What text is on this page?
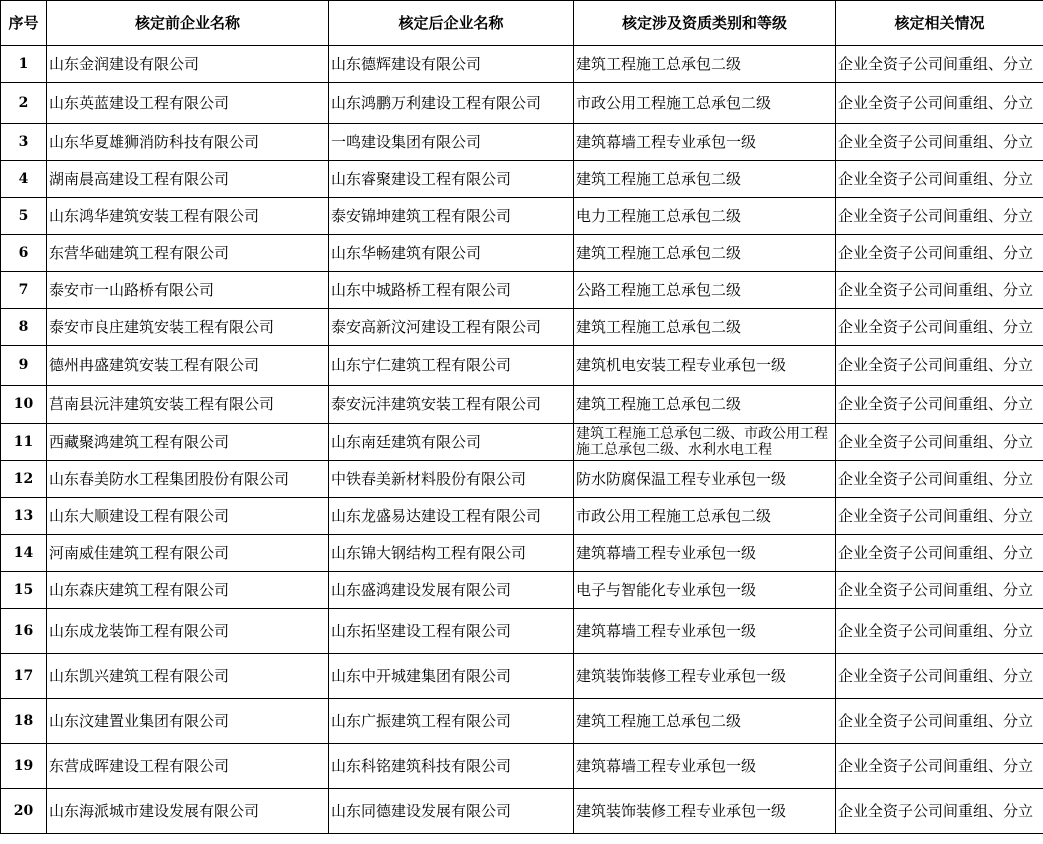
序号	核定前企业名称	核定后企业名称	核定涉及资质类别和等级	核定相关情况
1	山东金润建设有限公司	山东德辉建设有限公司	建筑工程施工总承包二级	企业全资子公司间重组、分立
2	山东英蓝建设工程有限公司	山东鸿鹏万利建设工程有限公司	市政公用工程施工总承包二级	企业全资子公司间重组、分立
3	山东华夏雄狮消防科技有限公司	一鸣建设集团有限公司	建筑幕墙工程专业承包一级	企业全资子公司间重组、分立
4	湖南晨高建设工程有限公司	山东睿聚建设工程有限公司	建筑工程施工总承包二级	企业全资子公司间重组、分立
5	山东鸿华建筑安装工程有限公司	泰安锦坤建筑工程有限公司	电力工程施工总承包二级	企业全资子公司间重组、分立
6	东营华础建筑工程有限公司	山东华畅建筑有限公司	建筑工程施工总承包二级	企业全资子公司间重组、分立
7	泰安市一山路桥有限公司	山东中城路桥工程有限公司	公路工程施工总承包二级	企业全资子公司间重组、分立
8	泰安市良庄建筑安装工程有限公司	泰安高新汶河建设工程有限公司	建筑工程施工总承包二级	企业全资子公司间重组、分立
9	德州冉盛建筑安装工程有限公司	山东宁仁建筑工程有限公司	建筑机电安装工程专业承包一级	企业全资子公司间重组、分立
10	莒南县沅沣建筑安装工程有限公司	泰安沅沣建筑安装工程有限公司	建筑工程施工总承包二级	企业全资子公司间重组、分立
11	西藏聚鸿建筑工程有限公司	山东南廷建筑有限公司	建筑工程施工总承包二级、市政公用工程施工总承包二级、水利水电工程	企业全资子公司间重组、分立
12	山东春美防水工程集团股份有限公司	中铁春美新材料股份有限公司	防水防腐保温工程专业承包一级	企业全资子公司间重组、分立
13	山东大顺建设工程有限公司	山东龙盛易达建设工程有限公司	市政公用工程施工总承包二级	企业全资子公司间重组、分立
14	河南威佳建筑工程有限公司	山东锦大钢结构工程有限公司	建筑幕墙工程专业承包一级	企业全资子公司间重组、分立
15	山东森庆建筑工程有限公司	山东盛鸿建设发展有限公司	电子与智能化专业承包一级	企业全资子公司间重组、分立
16	山东成龙装饰工程有限公司	山东拓坚建设工程有限公司	建筑幕墙工程专业承包一级	企业全资子公司间重组、分立
17	山东凯兴建筑工程有限公司	山东中开城建集团有限公司	建筑装饰装修工程专业承包一级	企业全资子公司间重组、分立
18	山东汶建置业集团有限公司	山东广振建筑工程有限公司	建筑工程施工总承包二级	企业全资子公司间重组、分立
19	东营成晖建设工程有限公司	山东科铭建筑科技有限公司	建筑幕墙工程专业承包一级	企业全资子公司间重组、分立
20	山东海派城市建设发展有限公司	山东同德建设发展有限公司	建筑装饰装修工程专业承包一级	企业全资子公司间重组、分立
